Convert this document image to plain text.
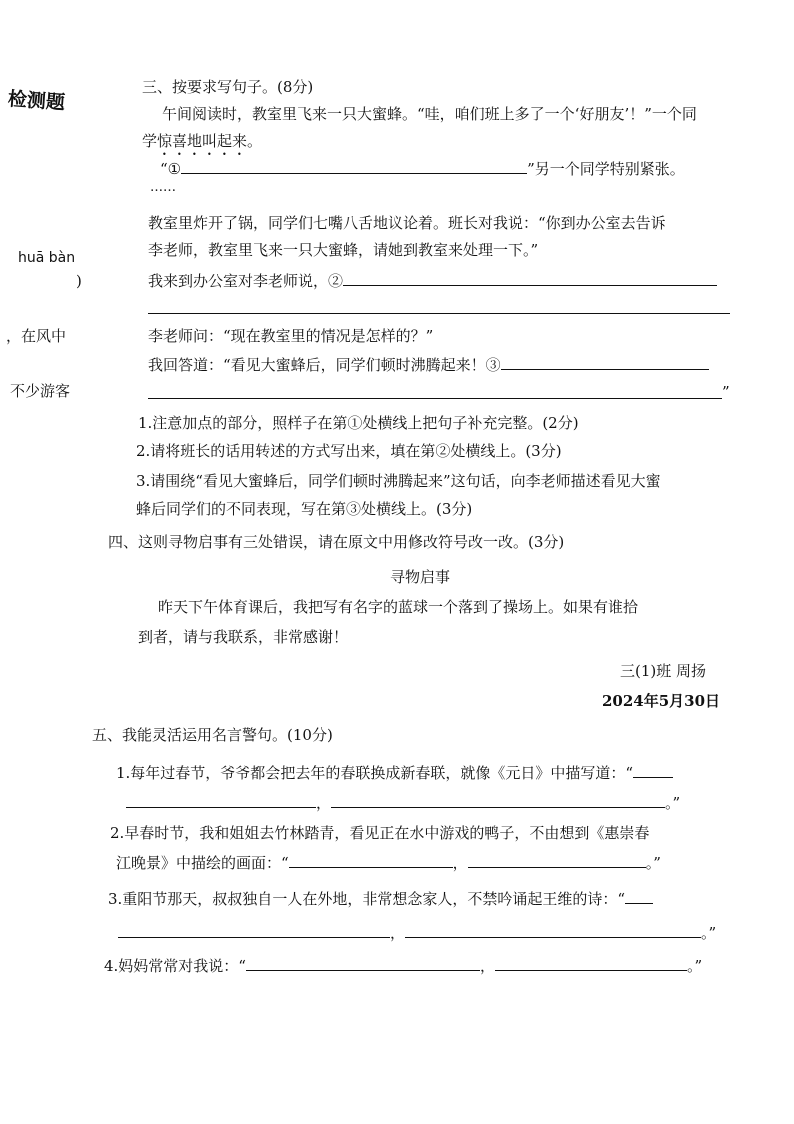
检测题
huā bàn
)
，在风中
不少游客
三、按要求写句子。(8分)
午间阅读时，教室里飞来一只大蜜蜂。“哇，咱们班上多了一个‘好朋友’！”一个同
学惊喜地叫起来。
“①	”另一个同学特别紧张。
……
教室里炸开了锅，同学们七嘴八舌地议论着。班长对我说：“你到办公室去告诉
李老师，教室里飞来一只大蜜蜂，请她到教室来处理一下。”
我来到办公室对李老师说，②
李老师问：“现在教室里的情况是怎样的？”
我回答道：“看见大蜜蜂后，同学们顿时沸腾起来！③
”
1.注意加点的部分，照样子在第①处横线上把句子补充完整。(2分)
2.请将班长的话用转述的方式写出来，填在第②处横线上。(3分)
3.请围绕“看见大蜜蜂后，同学们顿时沸腾起来”这句话，向李老师描述看见大蜜
蜂后同学们的不同表现，写在第③处横线上。(3分)
四、这则寻物启事有三处错误，请在原文中用修改符号改一改。(3分)
寻物启事
昨天下午体育课后，我把写有名字的蓝球一个落到了操场上。如果有谁拾
到者，请与我联系，非常感谢！
三(1)班 周扬
2024年5月30日
五、我能灵活运用名言警句。(10分)
1.每年过春节，爷爷都会把去年的春联换成新春联，就像《元日》中描写道：“
，	。”
2.早春时节，我和姐姐去竹林踏青，看见正在水中游戏的鸭子，不由想到《惠崇春
江晚景》中描绘的画面：“	，	。”
3.重阳节那天，叔叔独自一人在外地，非常想念家人，不禁吟诵起王维的诗：“
，	。”
4.妈妈常常对我说：“	，	。”
